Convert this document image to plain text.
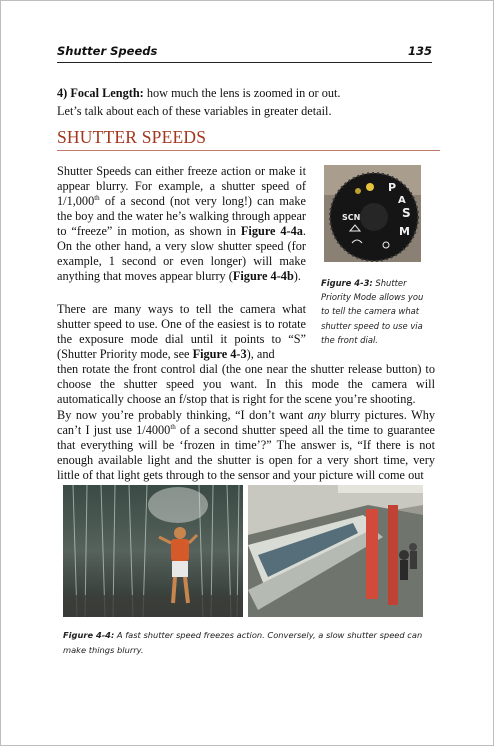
Shutter Speeds	135
4) Focal Length: how much the lens is zoomed in or out.
Let’s talk about each of these variables in greater detail.
SHUTTER SPEEDS
Shutter Speeds can either freeze action or make it appear blurry. For example, a shutter speed of 1/1,000th of a second (not very long!) can make the boy and the water he’s walking through appear to “freeze” in motion, as shown in Figure 4-4a. On the other hand, a very slow shutter speed (for example, 1 second or even longer) will make anything that moves appear blurry (Figure 4-4b).
There are many ways to tell the camera what shutter speed to use. One of the easiest is to rotate the exposure mode dial until it points to “S” (Shutter Priority mode, see Figure 4-3), and
then rotate the front control dial (the one near the shutter release button) to choose the shutter speed you want. In this mode the camera will automatically choose an f/stop that is right for the scene you’re shooting.
By now you’re probably thinking, “I don’t want any blurry pictures. Why can’t I just use 1/4000th of a second shutter speed all the time to guarantee that everything will be ‘frozen in time’?” The answer is, “If there is not enough available light and the shutter is open for a very short time, very little of that light gets through to the sensor and your picture will come out
SCN
P
S
A
M
Figure 4-3: Shutter Priority Mode allows you to tell the camera what shutter speed to use via the front dial.
Figure 4-4: A fast shutter speed freezes action. Conversely, a slow shutter speed can make things blurry.
